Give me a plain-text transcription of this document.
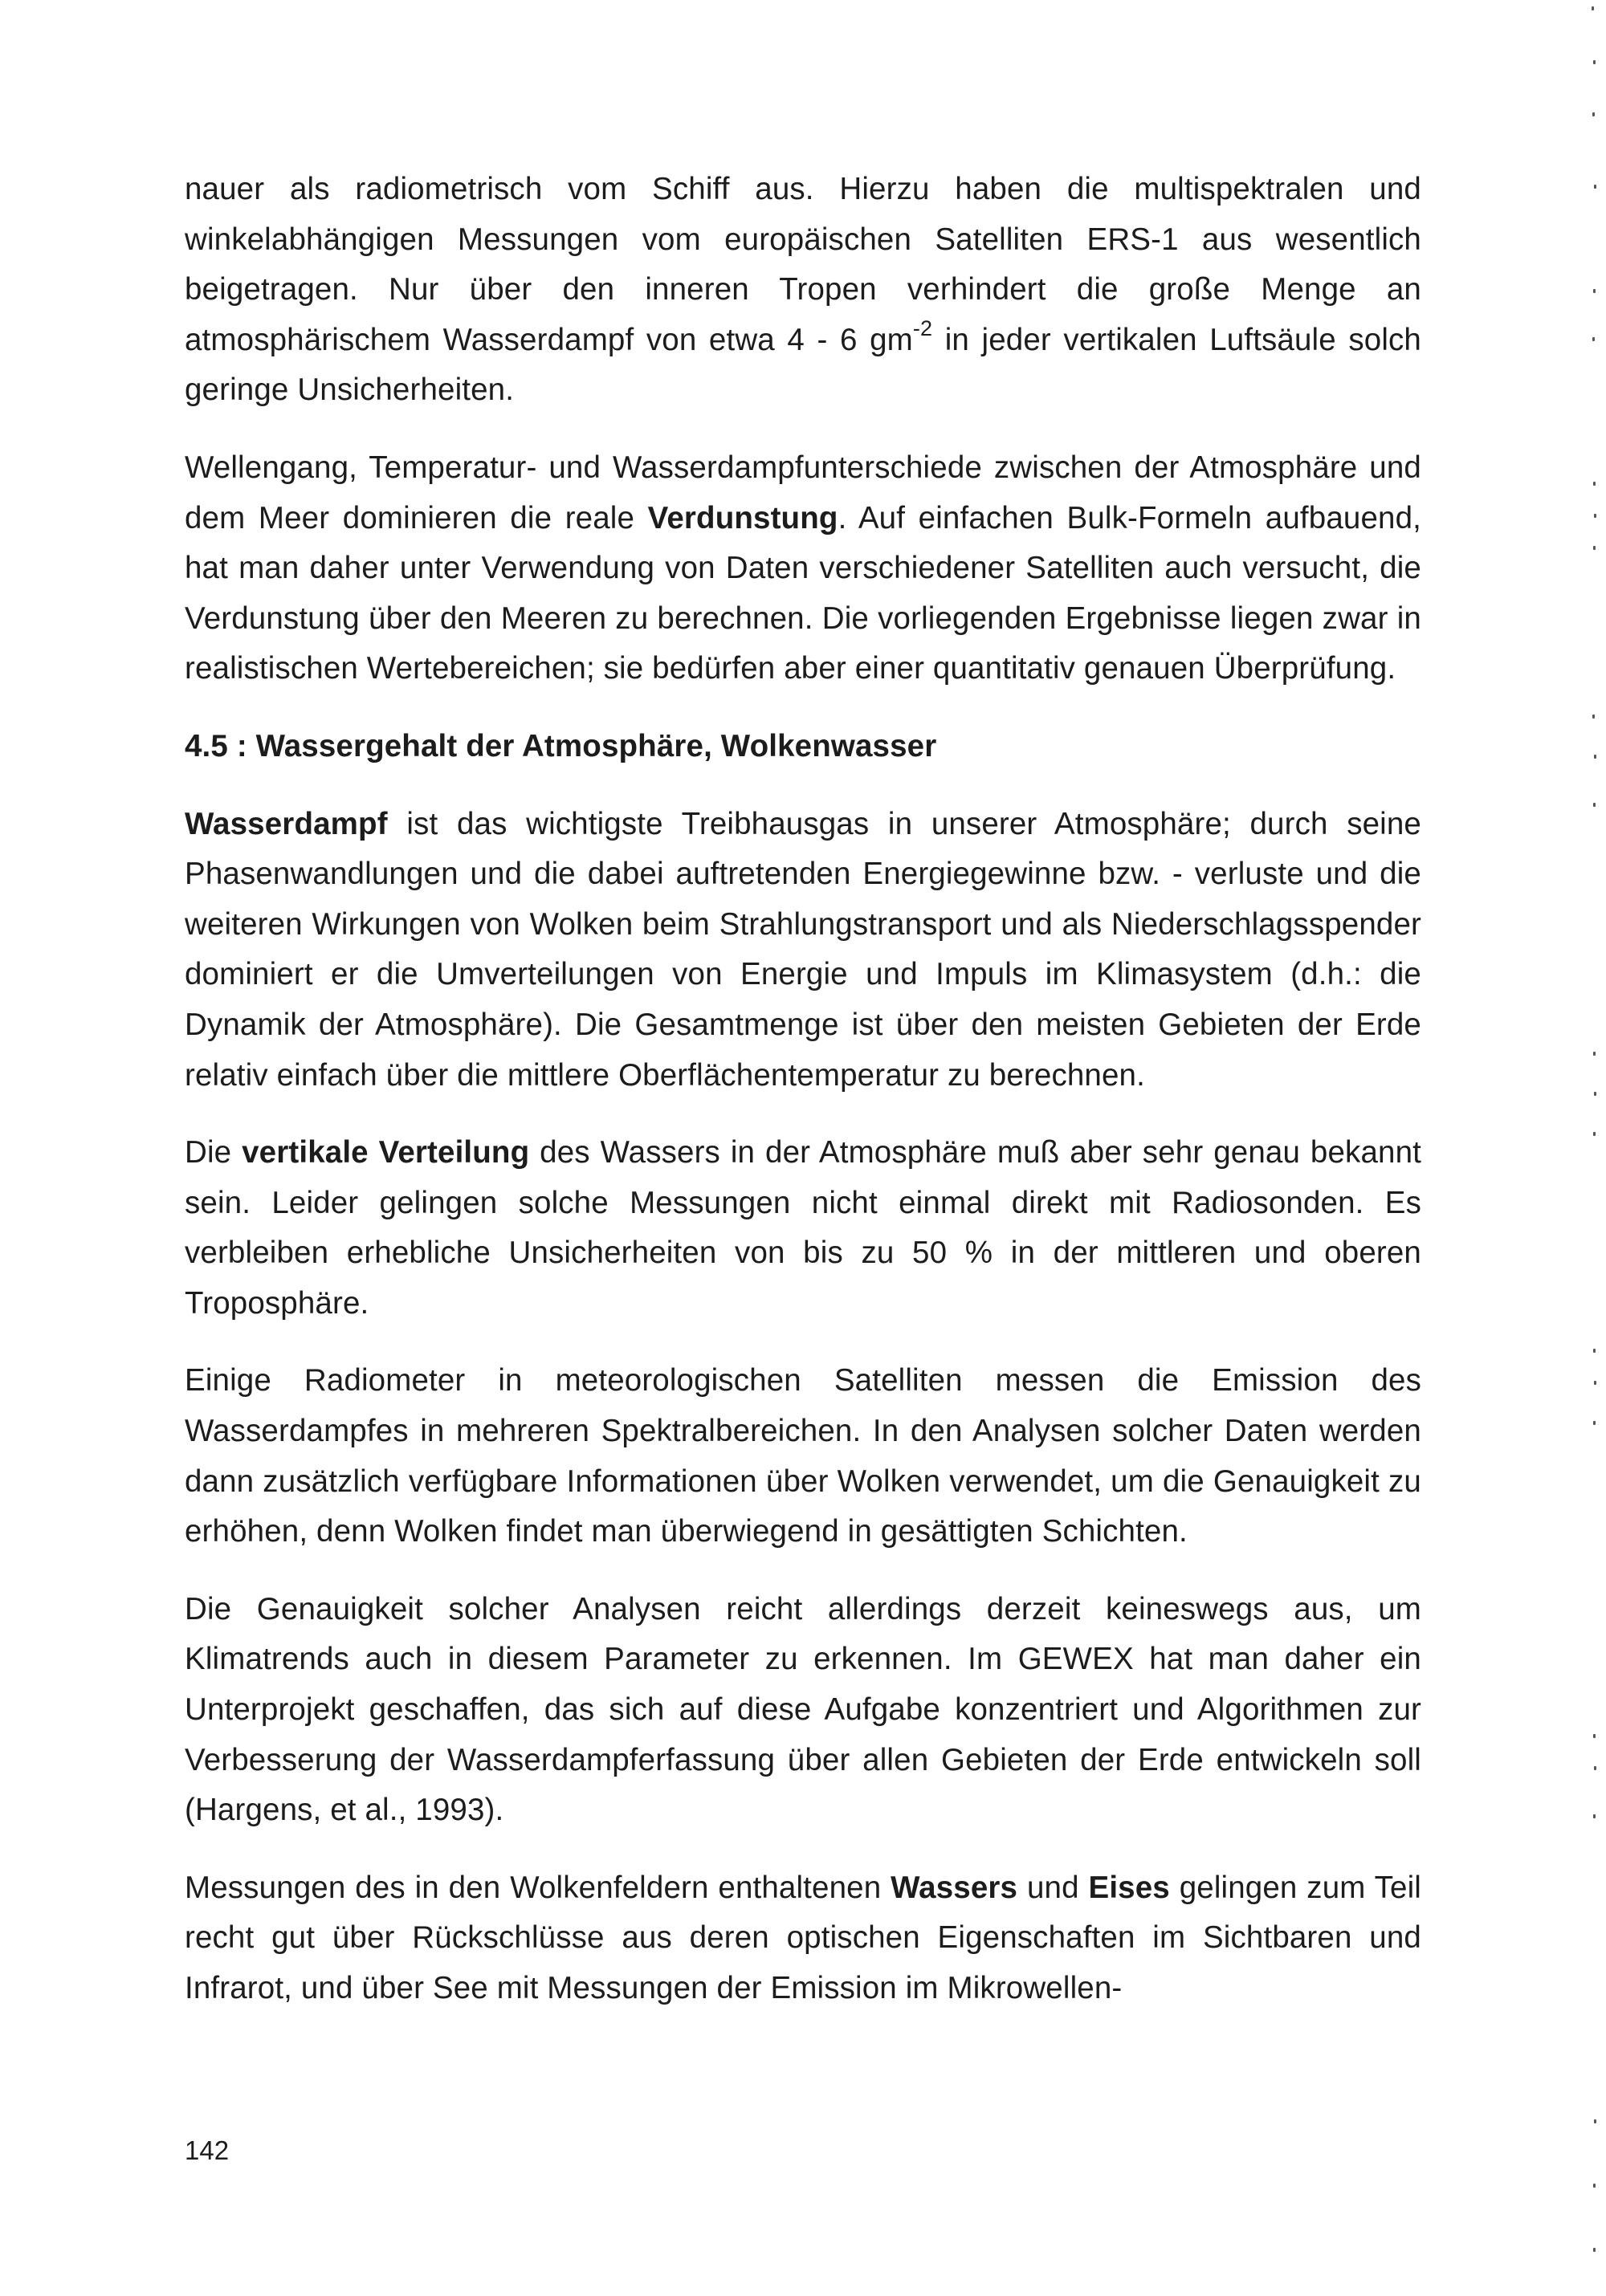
nauer als radiometrisch vom Schiff aus. Hierzu haben die multispektralen und winkelabhängigen Messungen vom europäischen Satelliten ERS-1 aus wesentlich beigetragen. Nur über den inneren Tropen verhindert die große Menge an atmosphärischem Wasserdampf von etwa 4 - 6 $gm^{-2}$ in jeder vertikalen Luftsäule solch geringe Unsicherheiten.

Wellengang, Temperatur- und Wasserdampfunterschiede zwischen der Atmosphäre und dem Meer dominieren die reale Verdunstung. Auf einfachen Bulk-Formeln aufbauend, hat man daher unter Verwendung von Daten verschiedener Satelliten auch versucht, die Verdunstung über den Meeren zu berechnen. Die vorliegenden Ergebnisse liegen zwar in realistischen Wertebereichen; sie bedürfen aber einer quantitativ genauen Überprüfung.

4.5 : Wassergehalt der Atmosphäre, Wolkenwasser

Wasserdampf ist das wichtigste Treibhausgas in unserer Atmosphäre; durch seine Phasenwandlungen und die dabei auftretenden Energiegewinne bzw. - verluste und die weiteren Wirkungen von Wolken beim Strahlungstransport und als Niederschlagsspender dominiert er die Umverteilungen von Energie und Impuls im Klimasystem (d.h.: die Dynamik der Atmosphäre). Die Gesamtmenge ist über den meisten Gebieten der Erde relativ einfach über die mittlere Oberflächentemperatur zu berechnen.

Die vertikale Verteilung des Wassers in der Atmosphäre muß aber sehr genau bekannt sein. Leider gelingen solche Messungen nicht einmal direkt mit Radiosonden. Es verbleiben erhebliche Unsicherheiten von bis zu 50 % in der mittleren und oberen Troposphäre.

Einige Radiometer in meteorologischen Satelliten messen die Emission des Wasserdampfes in mehreren Spektralbereichen. In den Analysen solcher Daten werden dann zusätzlich verfügbare Informationen über Wolken verwendet, um die Genauigkeit zu erhöhen, denn Wolken findet man überwiegend in gesättigten Schichten.

Die Genauigkeit solcher Analysen reicht allerdings derzeit keineswegs aus, um Klimatrends auch in diesem Parameter zu erkennen. Im GEWEX hat man daher ein Unterprojekt geschaffen, das sich auf diese Aufgabe konzentriert und Algorithmen zur Verbesserung der Wasserdampferfassung über allen Gebieten der Erde entwickeln soll (Hargens, et al., 1993).

Messungen des in den Wolkenfeldern enthaltenen Wassers und Eises gelingen zum Teil recht gut über Rückschlüsse aus deren optischen Eigenschaften im Sichtbaren und Infrarot, und über See mit Messungen der Emission im Mikrowellen-

142
